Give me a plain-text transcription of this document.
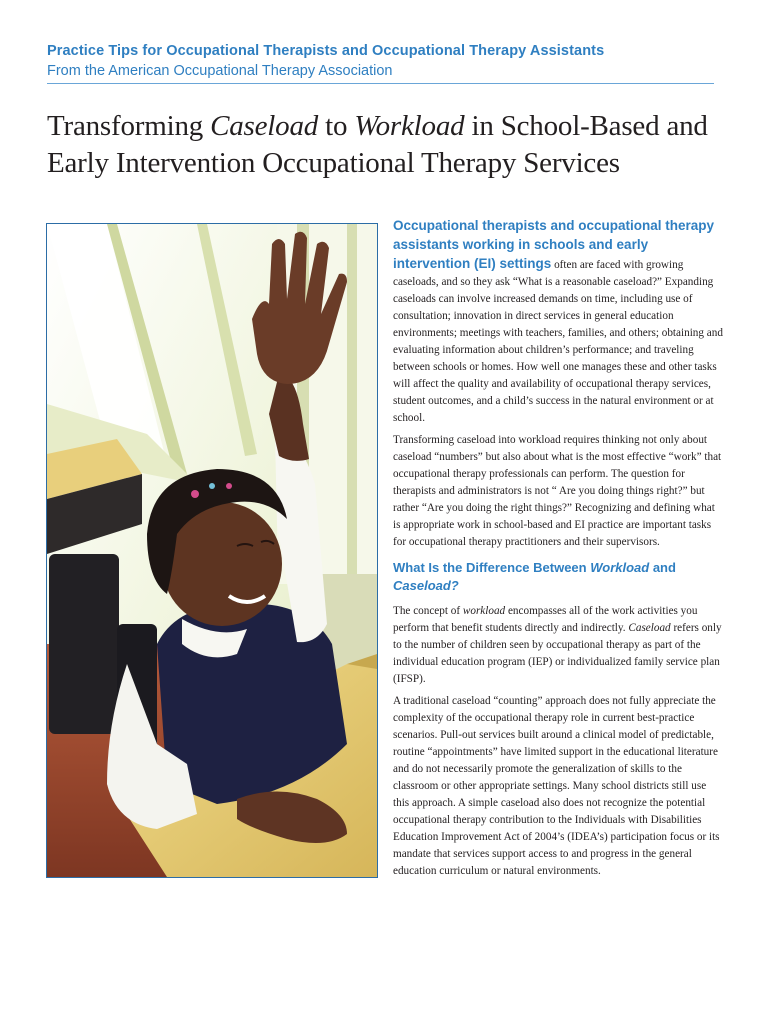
Practice Tips for Occupational Therapists and Occupational Therapy Assistants
From the American Occupational Therapy Association
Transforming Caseload to Workload in School-Based and Early Intervention Occupational Therapy Services

Occupational therapists and occupational therapy assistants working in schools and early intervention (EI) settings often are faced with growing caseloads, and so they ask “What is a reasonable caseload?” Expanding caseloads can involve increased demands on time, including use of consultation; innovation in direct services in general education environments; meetings with teachers, families, and others; obtaining and evaluating information about children’s performance; and traveling between schools or homes. How well one manages these and other tasks will affect the quality and availability of occupational therapy services, student outcomes, and a child’s success in the natural environment or at school.

Transforming caseload into workload requires thinking not only about caseload “numbers” but also about what is the most effective “work” that occupational therapy professionals can perform. The question for therapists and administrators is not “ Are you doing things right?” but rather “Are you doing the right things?” Recognizing and defining what is appropriate work in school-based and EI practice are important tasks for occupational therapy practitioners and their supervisors.

What Is the Difference Between Workload and Caseload?

The concept of workload encompasses all of the work activities you perform that benefit students directly and indirectly. Caseload refers only to the number of children seen by occupational therapy as part of the individual education program (IEP) or individualized family service plan (IFSP).

A traditional caseload “counting” approach does not fully appreciate the complexity of the occupational therapy role in current best-practice scenarios. Pull-out services built around a clinical model of predictable, routine “appointments” have limited support in the educational literature and do not necessarily promote the generalization of skills to the classroom or other appropriate settings. Many school districts still use this approach. A simple caseload also does not recognize the potential occupational therapy contribution to the Individuals with Disabilities Education Improvement Act of 2004’s (IDEA’s) participation focus or its mandate that services support access to and progress in the general education curriculum or natural environments.
